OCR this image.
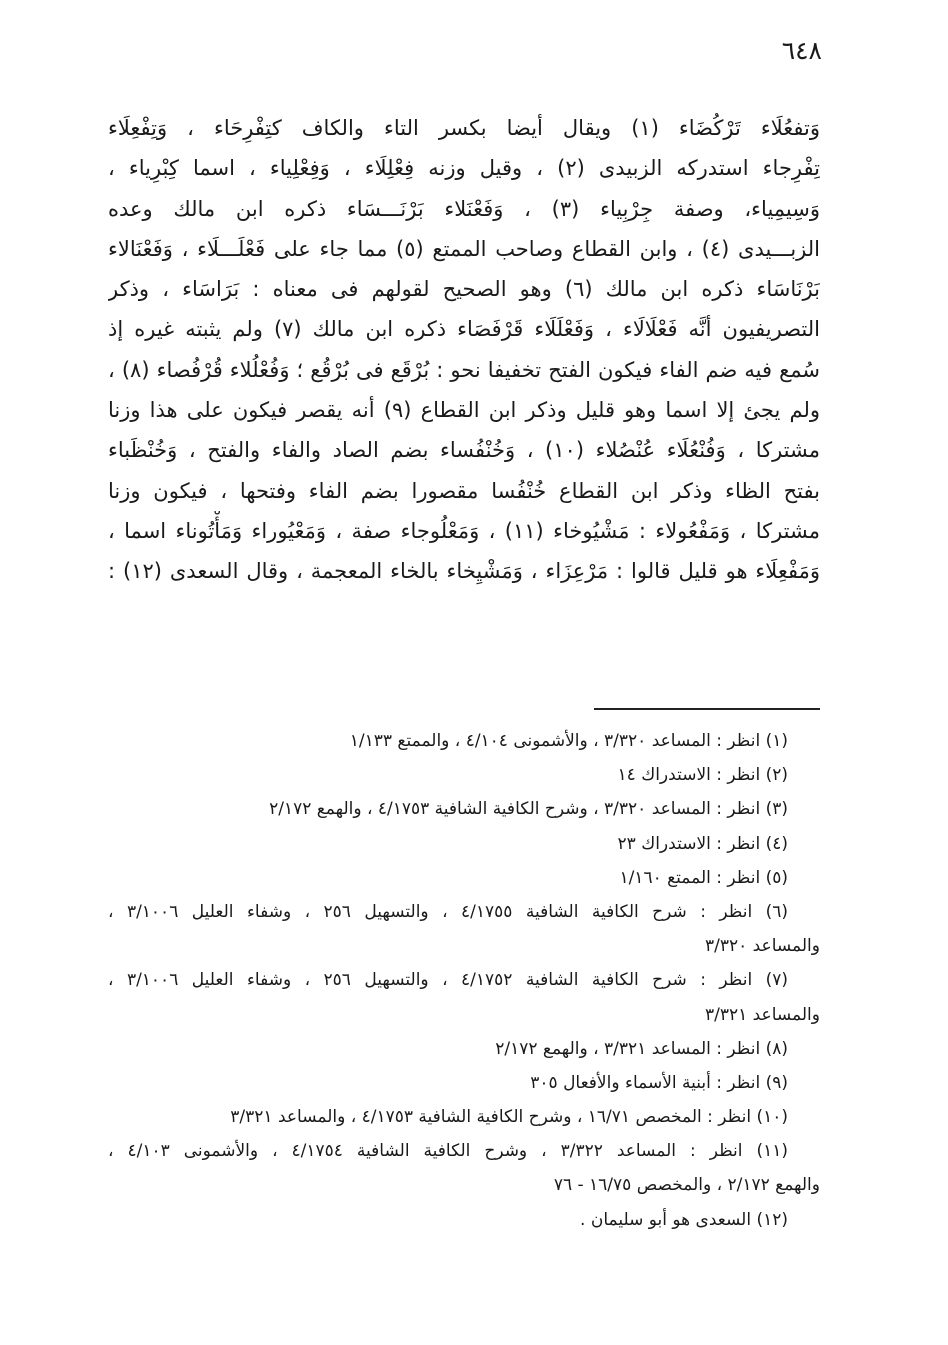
٦٤٨
وَتفعُلَاء تَرْكُضَاء (١) ويقال أيضا بكسر التاء والكاف كتِفْرِحَاء ، وَتِفْعِلَاء
تِفْرِجاء استدركه الزبيدى (٢) ، وقيل وزنه فِعْلِلَاء ، وَفِعْلِياء ، اسما كِبْرِياء ،
وَسِيمِياء، وصفة جِرْبِياء (٣) ، وَفَعْنَلاء بَرْنَـــسَاء ذكره ابن مالك وعده
الزبـــيدى (٤) ، وابن القطاع وصاحب الممتع (٥) مما جاء على فَعْلَـــلَاء ، وَفَعْنَالاء
بَرْنَاسَاء ذكره ابن مالك (٦) وهو الصحيح لقولهم فى معناه : بَرَاسَاء ، وذكر
التصريفيون أنَّه فَعْلَالَاء ، وَفَعْلَلَاء قَرْفَصَاء ذكره ابن مالك (٧) ولم يثبته غيره إذ
سُمع فيه ضم الفاء فيكون الفتح تخفيفا نحو : بُرْقَع فى بُرْقُع ؛ وَفُعْلُلاء قُرْفُصاء (٨) ،
ولم يجئ إلا اسما وهو قليل وذكر ابن القطاع (٩) أنه يقصر فيكون على هذا وزنا
مشتركا ، وَفُنْعُلَاء عُنْصُلاء (١٠) ، وَخُنْفُساء بضم الصاد والفاء والفتح ، وَخُنْظَباء
بفتح الظاء وذكر ابن القطاع خُنْفُسا مقصورا بضم الفاء وفتحها ، فيكون وزنا
مشتركا ، وَمَفْعُولاء : مَشْيُوخاء (١١) ، وَمَعْلُوجاء صفة ، وَمَعْيُوراء وَمَأْتُوناء اسما ،
وَمَفْعِلَاء هو قليل قالوا : مَرْعِزَاء ، وَمَشْيِخاء بالخاء المعجمة ، وقال السعدى (١٢) :
(١) انظر : المساعد ٣/٣٢٠ ، والأشمونى ٤/١٠٤ ، والممتع ١/١٣٣
(٢) انظر : الاستدراك ١٤
(٣) انظر : المساعد ٣/٣٢٠ ، وشرح الكافية الشافية ٤/١٧٥٣ ، والهمع ٢/١٧٢
(٤) انظر : الاستدراك ٢٣
(٥) انظر : الممتع ١/١٦٠
(٦) انظر : شرح الكافية الشافية ٤/١٧٥٥ ، والتسهيل ٢٥٦ ، وشفاء العليل ٣/١٠٠٦ ،
والمساعد ٣/٣٢٠
(٧) انظر : شرح الكافية الشافية ٤/١٧٥٢ ، والتسهيل ٢٥٦ ، وشفاء العليل ٣/١٠٠٦ ،
والمساعد ٣/٣٢١
(٨) انظر : المساعد ٣/٣٢١ ، والهمع ٢/١٧٢
(٩) انظر : أبنية الأسماء والأفعال ٣٠٥
(١٠) انظر : المخصص ١٦/٧١ ، وشرح الكافية الشافية ٤/١٧٥٣ ، والمساعد ٣/٣٢١
(١١) انظر : المساعد ٣/٣٢٢ ، وشرح الكافية الشافية ٤/١٧٥٤ ، والأشمونى ٤/١٠٣ ،
والهمع ٢/١٧٢ ، والمخصص ١٦/٧٥ - ٧٦
(١٢) السعدى هو أبو سليمان .
